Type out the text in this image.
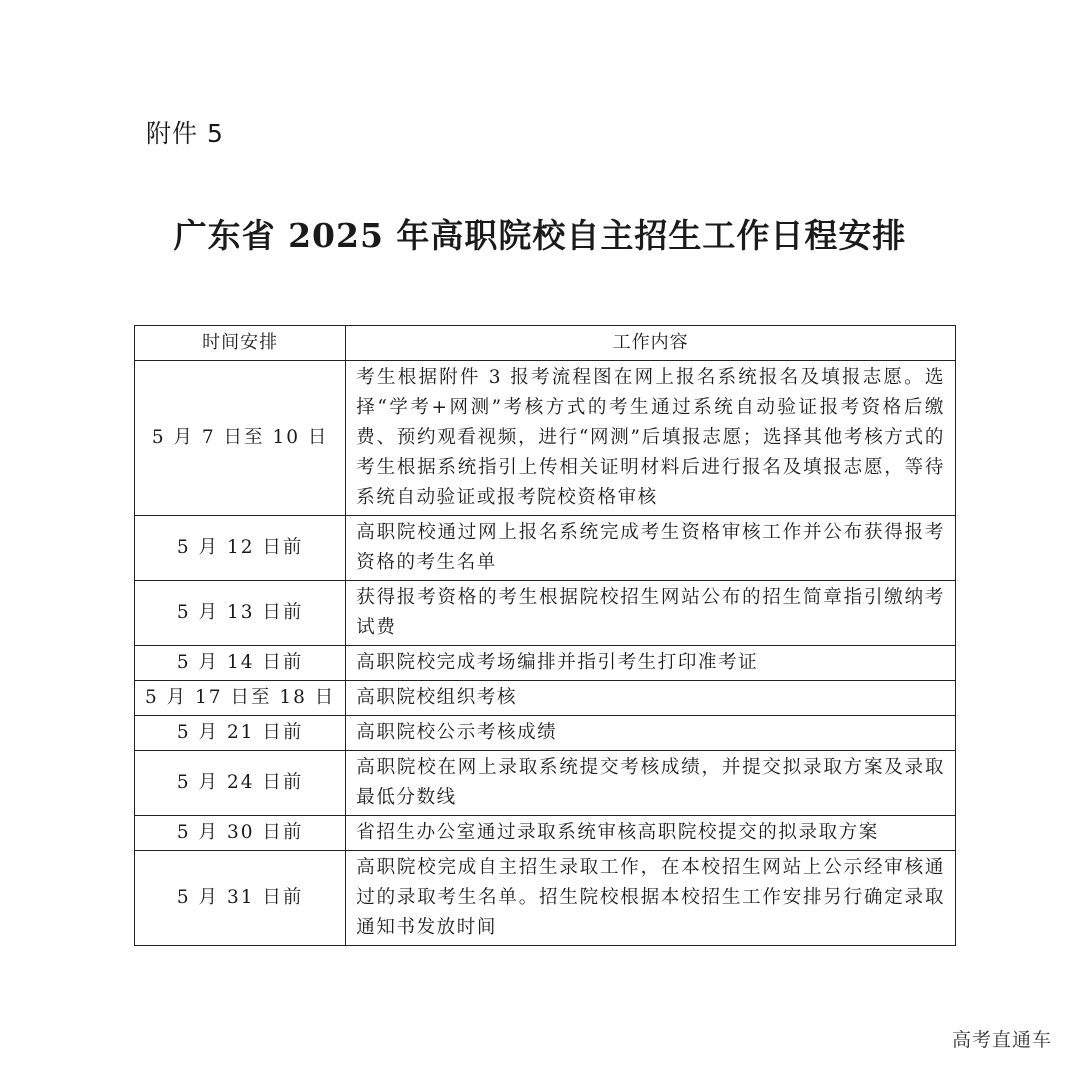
附件 5
广东省 2025 年高职院校自主招生工作日程安排
时间安排	工作内容
5 月 7 日至 10 日	考生根据附件 3 报考流程图在网上报名系统报名及填报志愿。选择“学考+网测”考核方式的考生通过系统自动验证报考资格后缴费、预约观看视频，进行“网测”后填报志愿；选择其他考核方式的考生根据系统指引上传相关证明材料后进行报名及填报志愿，等待系统自动验证或报考院校资格审核
5 月 12 日前	高职院校通过网上报名系统完成考生资格审核工作并公布获得报考资格的考生名单
5 月 13 日前	获得报考资格的考生根据院校招生网站公布的招生简章指引缴纳考试费
5 月 14 日前	高职院校完成考场编排并指引考生打印准考证
5 月 17 日至 18 日	高职院校组织考核
5 月 21 日前	高职院校公示考核成绩
5 月 24 日前	高职院校在网上录取系统提交考核成绩，并提交拟录取方案及录取最低分数线
5 月 30 日前	省招生办公室通过录取系统审核高职院校提交的拟录取方案
5 月 31 日前	高职院校完成自主招生录取工作，在本校招生网站上公示经审核通过的录取考生名单。招生院校根据本校招生工作安排另行确定录取通知书发放时间
高考直通车
